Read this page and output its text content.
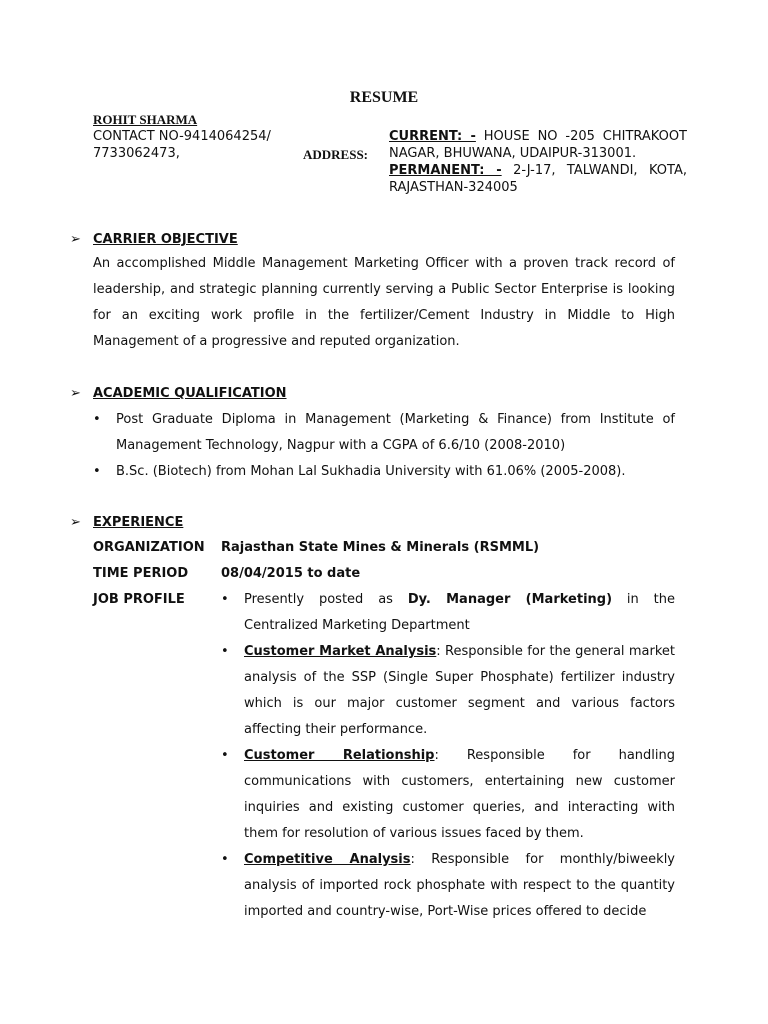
RESUME
ROHIT SHARMA
CONTACT NO-9414064254/
7733062473,	ADDRESS:
CURRENT: - HOUSE NO -205 CHITRAKOOT NAGAR, BHUWANA, UDAIPUR-313001.
PERMANENT: - 2-J-17, TALWANDI, KOTA, RAJASTHAN-324005
➢ CARRIER OBJECTIVE
An accomplished Middle Management Marketing Officer with a proven track record of leadership, and strategic planning currently serving a Public Sector Enterprise is looking for an exciting work profile in the fertilizer/Cement Industry in Middle to High Management of a progressive and reputed organization.
➢ ACADEMIC QUALIFICATION
• Post Graduate Diploma in Management (Marketing & Finance) from Institute of Management Technology, Nagpur with a CGPA of 6.6/10 (2008-2010)
• B.Sc. (Biotech) from Mohan Lal Sukhadia University with 61.06% (2005-2008).
➢ EXPERIENCE
ORGANIZATION Rajasthan State Mines & Minerals (RSMML)
TIME PERIOD	08/04/2015 to date
JOB PROFILE	• Presently posted as Dy. Manager (Marketing) in the Centralized Marketing Department
• Customer Market Analysis: Responsible for the general market analysis of the SSP (Single Super Phosphate) fertilizer industry which is our major customer segment and various factors affecting their performance.
• Customer Relationship: Responsible for handling communications with customers, entertaining new customer inquiries and existing customer queries, and interacting with them for resolution of various issues faced by them.
• Competitive Analysis: Responsible for monthly/biweekly analysis of imported rock phosphate with respect to the quantity imported and country-wise, Port-Wise prices offered to decide
